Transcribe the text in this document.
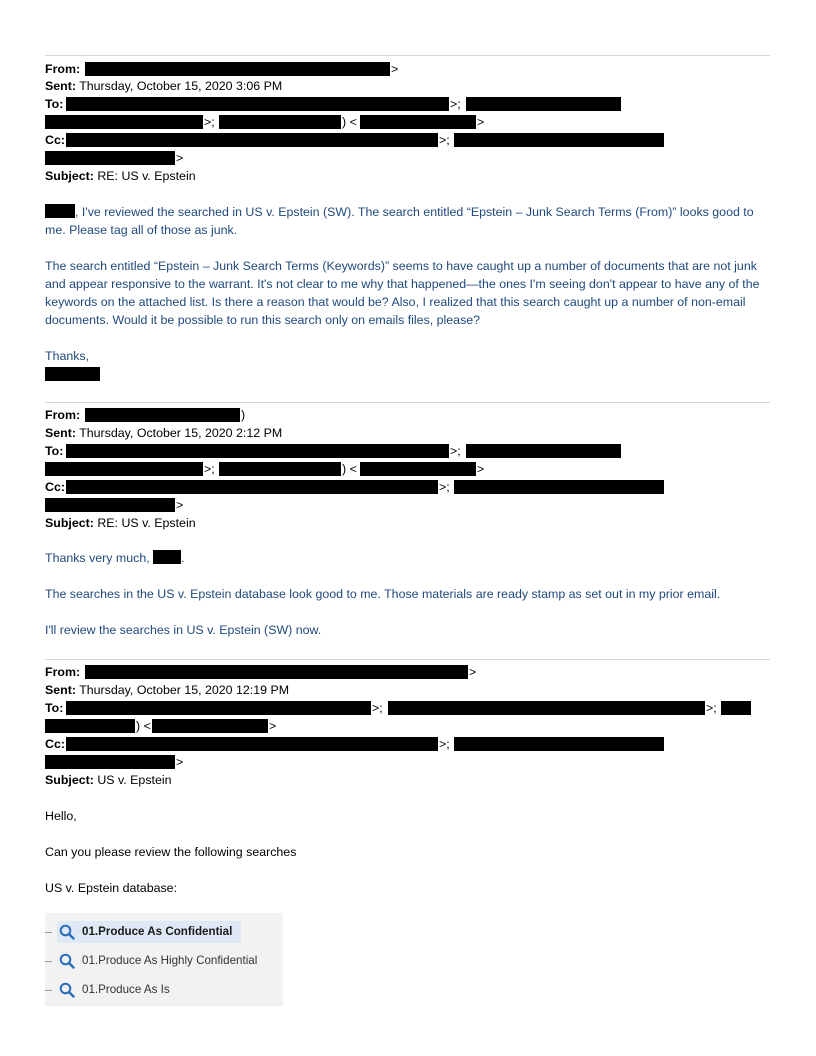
From:	>
Sent: Thursday, October 15, 2020 3:06 PM
To:	>;
>;	) <	>
Cc:	>;
>
Subject: RE: US v. Epstein
, I've reviewed the searched in US v. Epstein (SW). The search entitled “Epstein – Junk Search Terms (From)” looks good to me. Please tag all of those as junk.
The search entitled “Epstein – Junk Search Terms (Keywords)” seems to have caught up a number of documents that are not junk and appear responsive to the warrant. It's not clear to me why that happened—the ones I'm seeing don't appear to have any of the keywords on the attached list. Is there a reason that would be? Also, I realized that this search caught up a number of non-email documents. Would it be possible to run this search only on emails files, please?
Thanks,
From:	)
Sent: Thursday, October 15, 2020 2:12 PM
To:	>;
>;	) <	>
Cc:	>;
>
Subject: RE: US v. Epstein
Thanks very much, .
The searches in the US v. Epstein database look good to me. Those materials are ready stamp as set out in my prior email.
I'll review the searches in US v. Epstein (SW) now.
From:	>
Sent: Thursday, October 15, 2020 12:19 PM
To:	>;	>;
) <	>
Cc:	>;
>
Subject: US v. Epstein
Hello,
Can you please review the following searches
US v. Epstein database:
01.Produce As Confidential
01.Produce As Highly Confidential
01.Produce As Is
